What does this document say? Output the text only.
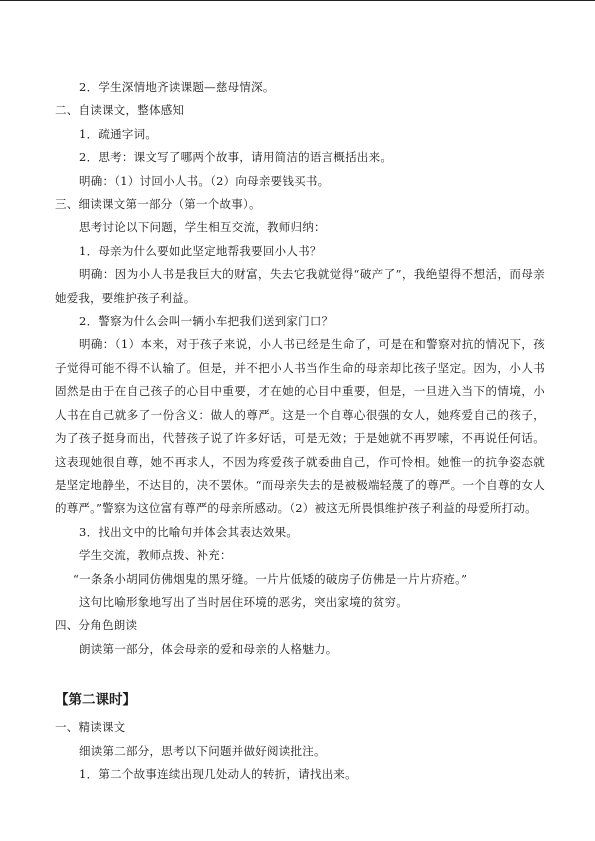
2．学生深情地齐读课题—慈母情深。
二、自读课文，整体感知
1．疏通字词。
2．思考：课文写了哪两个故事，请用简洁的语言概括出来。
明确：（1）讨回小人书。（2）向母亲要钱买书。
三、细读课文第一部分（第一个故事）。
思考讨论以下问题，学生相互交流，教师归纳：
1．母亲为什么要如此坚定地帮我要回小人书？
明确：因为小人书是我巨大的财富，失去它我就觉得“破产了”，我绝望得不想活，而母亲她爱我，要维护孩子利益。
2．警察为什么会叫一辆小车把我们送到家门口？
明确：（1）本来，对于孩子来说，小人书已经是生命了，可是在和警察对抗的情况下，孩子觉得可能不得不认输了。但是，并不把小人书当作生命的母亲却比孩子坚定。因为，小人书固然是由于在自己孩子的心目中重要，才在她的心目中重要，但是，一旦进入当下的情境，小人书在自己就多了一份含义：做人的尊严。这是一个自尊心很强的女人，她疼爱自己的孩子，为了孩子挺身而出，代替孩子说了许多好话，可是无效；于是她就不再罗嗦，不再说任何话。这表现她很自尊，她不再求人，不因为疼爱孩子就委曲自己，作可怜相。她惟一的抗争姿态就是坚定地静坐，不达目的，决不罢休。“而母亲失去的是被极端轻蔑了的尊严。一个自尊的女人的尊严。”警察为这位富有尊严的母亲所感动。（2）被这无所畏惧维护孩子利益的母爱所打动。
3．找出文中的比喻句并体会其表达效果。
学生交流，教师点拨、补充：
“一条条小胡同仿佛烟鬼的黑牙缝。一片片低矮的破房子仿佛是一片片疥疮。”
这句比喻形象地写出了当时居住环境的恶劣，突出家境的贫穷。
四、分角色朗读
朗读第一部分，体会母亲的爱和母亲的人格魅力。
【第二课时】
一、精读课文
细读第二部分，思考以下问题并做好阅读批注。
1．第二个故事连续出现几处动人的转折，请找出来。
